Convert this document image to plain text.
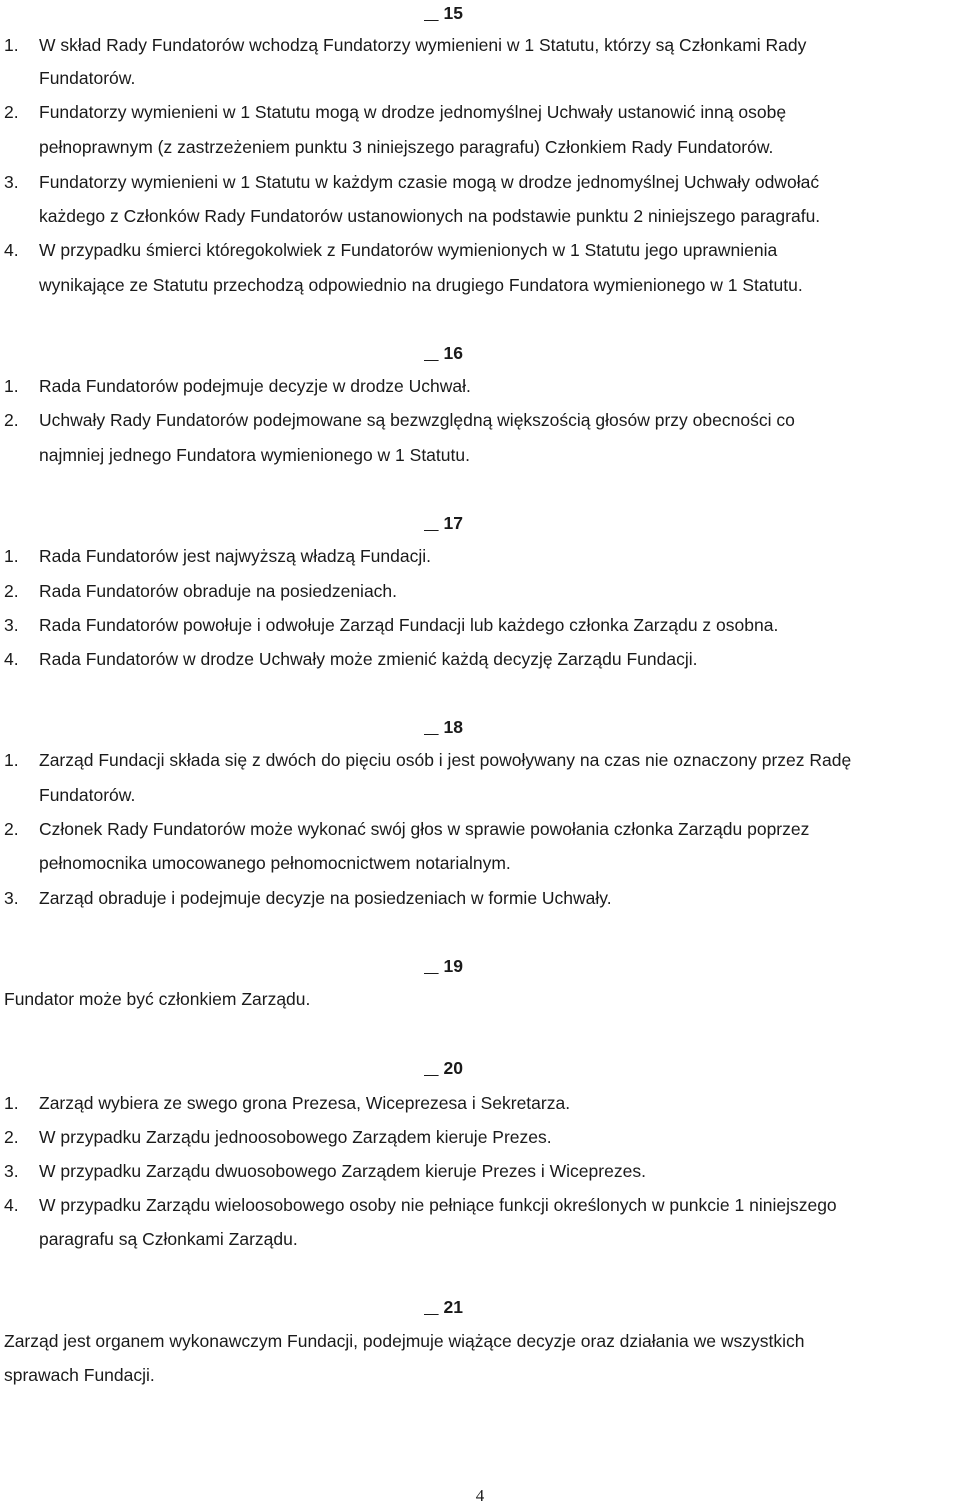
15
1. W skład Rady Fundatorów wchodzą Fundatorzy wymienieni w 1 Statutu, którzy są Członkami Rady
Fundatorów.
2. Fundatorzy wymienieni w 1 Statutu mogą w drodze jednomyślnej Uchwały ustanowić inną osobę
pełnoprawnym (z zastrzeżeniem punktu 3 niniejszego paragrafu) Członkiem Rady Fundatorów.
3. Fundatorzy wymienieni w 1 Statutu w każdym czasie mogą w drodze jednomyślnej Uchwały odwołać
każdego z Członków Rady Fundatorów ustanowionych na podstawie punktu 2 niniejszego paragrafu.
4. W przypadku śmierci któregokolwiek z Fundatorów wymienionych w 1 Statutu jego uprawnienia
wynikające ze Statutu przechodzą odpowiednio na drugiego Fundatora wymienionego w 1 Statutu.
16
1. Rada Fundatorów podejmuje decyzje w drodze Uchwał.
2. Uchwały Rady Fundatorów podejmowane są bezwzględną większością głosów przy obecności co
najmniej jednego Fundatora wymienionego w 1 Statutu.
17
1. Rada Fundatorów jest najwyższą władzą Fundacji.
2. Rada Fundatorów obraduje na posiedzeniach.
3. Rada Fundatorów powołuje i odwołuje Zarząd Fundacji lub każdego członka Zarządu z osobna.
4. Rada Fundatorów w drodze Uchwały może zmienić każdą decyzję Zarządu Fundacji.
18
1. Zarząd Fundacji składa się z dwóch do pięciu osób i jest powoływany na czas nie oznaczony przez Radę
Fundatorów.
2. Członek Rady Fundatorów może wykonać swój głos w sprawie powołania członka Zarządu poprzez
pełnomocnika umocowanego pełnomocnictwem notarialnym.
3. Zarząd obraduje i podejmuje decyzje na posiedzeniach w formie Uchwały.
19
Fundator może być członkiem Zarządu.
20
1. Zarząd wybiera ze swego grona Prezesa, Wiceprezesa i Sekretarza.
2. W przypadku Zarządu jednoosobowego Zarządem kieruje Prezes.
3. W przypadku Zarządu dwuosobowego Zarządem kieruje Prezes i Wiceprezes.
4. W przypadku Zarządu wieloosobowego osoby nie pełniące funkcji określonych w punkcie 1 niniejszego
paragrafu są Członkami Zarządu.
21
Zarząd jest organem wykonawczym Fundacji, podejmuje wiążące decyzje oraz działania we wszystkich
sprawach Fundacji.
4
